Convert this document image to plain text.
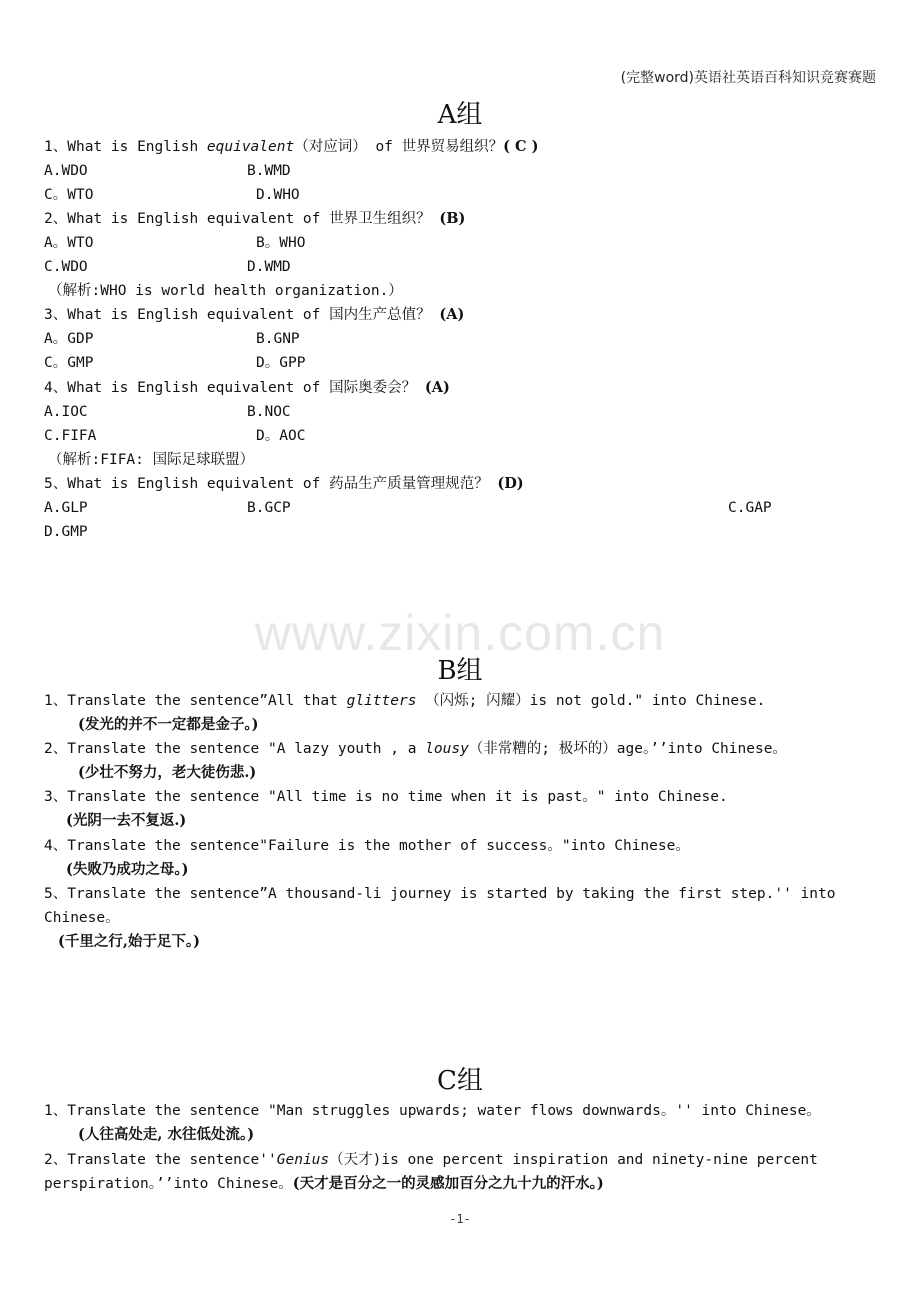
(完整word)英语社英语百科知识竞赛赛题
www.zixin.com.cn
A组
1、What is English equivalent（对应词） of 世界贸易组织？( C )
A.WDO	B.WMD
C。WTO	D.WHO
2、What is English equivalent of 世界卫生组织？ (B)
A。WTO	B。WHO
C.WDO	D.WMD
（解析:WHO is world health organization.）
3、What is English equivalent of 国内生产总值？ (A)
A。GDP	B.GNP
C。GMP	D。GPP
4、What is English equivalent of 国际奥委会？ (A)
A.IOC	B.NOC
C.FIFA	D。AOC
（解析:FIFA: 国际足球联盟）
5、What is English equivalent of 药品生产质量管理规范？ (D)
A.GLP	B.GCP	C.GAP
D.GMP
B组
1、Translate the sentence”All that glitters （闪烁; 闪耀）is not gold." into Chinese.
(发光的并不一定都是金子。)
2、Translate the sentence "A lazy youth , a lousy（非常糟的; 极坏的）age。’’into Chinese。
(少壮不努力，老大徒伤悲.)
3、Translate the sentence "All time is no time when it is past。" into Chinese.
(光阴一去不复返.)
4、Translate the sentence"Failure is the mother of success。"into Chinese。
(失败乃成功之母。)
5、Translate the sentence”A thousand-li journey is started by taking the first step.'' into
Chinese。
(千里之行,始于足下。)
C组
1、Translate the sentence "Man struggles upwards; water flows downwards。'' into Chinese。
(人往高处走, 水往低处流。)
2、Translate the sentence''Genius（天才)is one percent inspiration and ninety-nine percent
perspiration。’’into Chinese。(天才是百分之一的灵感加百分之九十九的汗水。)
-1-
